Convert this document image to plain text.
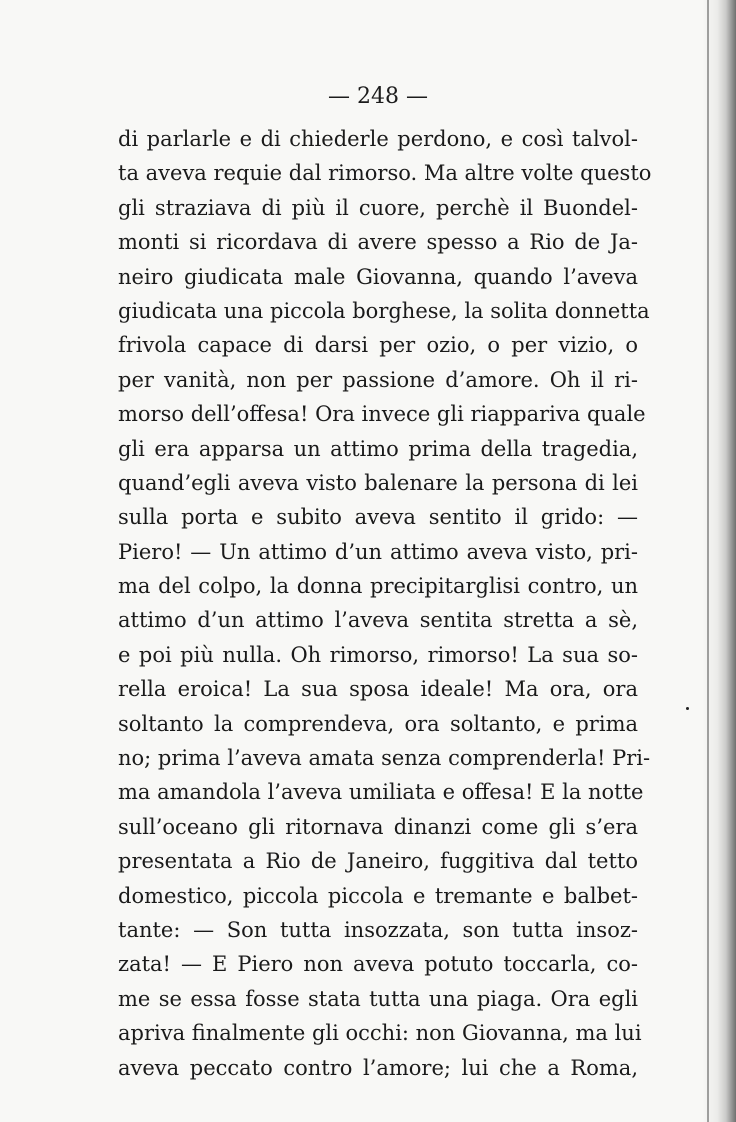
— 248 —
di parlarle e di chiederle perdono, e così talvol-
ta aveva requie dal rimorso. Ma altre volte questo
gli straziava di più il cuore, perchè il Buondel-
monti si ricordava di avere spesso a Rio de Ja-
neiro giudicata male Giovanna, quando l’aveva
giudicata una piccola borghese, la solita donnetta
frivola capace di darsi per ozio, o per vizio, o
per vanità, non per passione d’amore. Oh il ri-
morso dell’offesa! Ora invece gli riappariva quale
gli era apparsa un attimo prima della tragedia,
quand’egli aveva visto balenare la persona di lei
sulla porta e subito aveva sentito il grido: —
Piero! — Un attimo d’un attimo aveva visto, pri-
ma del colpo, la donna precipitarglisi contro, un
attimo d’un attimo l’aveva sentita stretta a sè,
e poi più nulla. Oh rimorso, rimorso! La sua so-
rella eroica! La sua sposa ideale! Ma ora, ora
soltanto la comprendeva, ora soltanto, e prima
no; prima l’aveva amata senza comprenderla! Pri-
ma amandola l’aveva umiliata e offesa! E la notte
sull’oceano gli ritornava dinanzi come gli s’era
presentata a Rio de Janeiro, fuggitiva dal tetto
domestico, piccola piccola e tremante e balbet-
tante: — Son tutta insozzata, son tutta insoz-
zata! — E Piero non aveva potuto toccarla, co-
me se essa fosse stata tutta una piaga. Ora egli
apriva finalmente gli occhi: non Giovanna, ma lui
aveva peccato contro l’amore; lui che a Roma,
